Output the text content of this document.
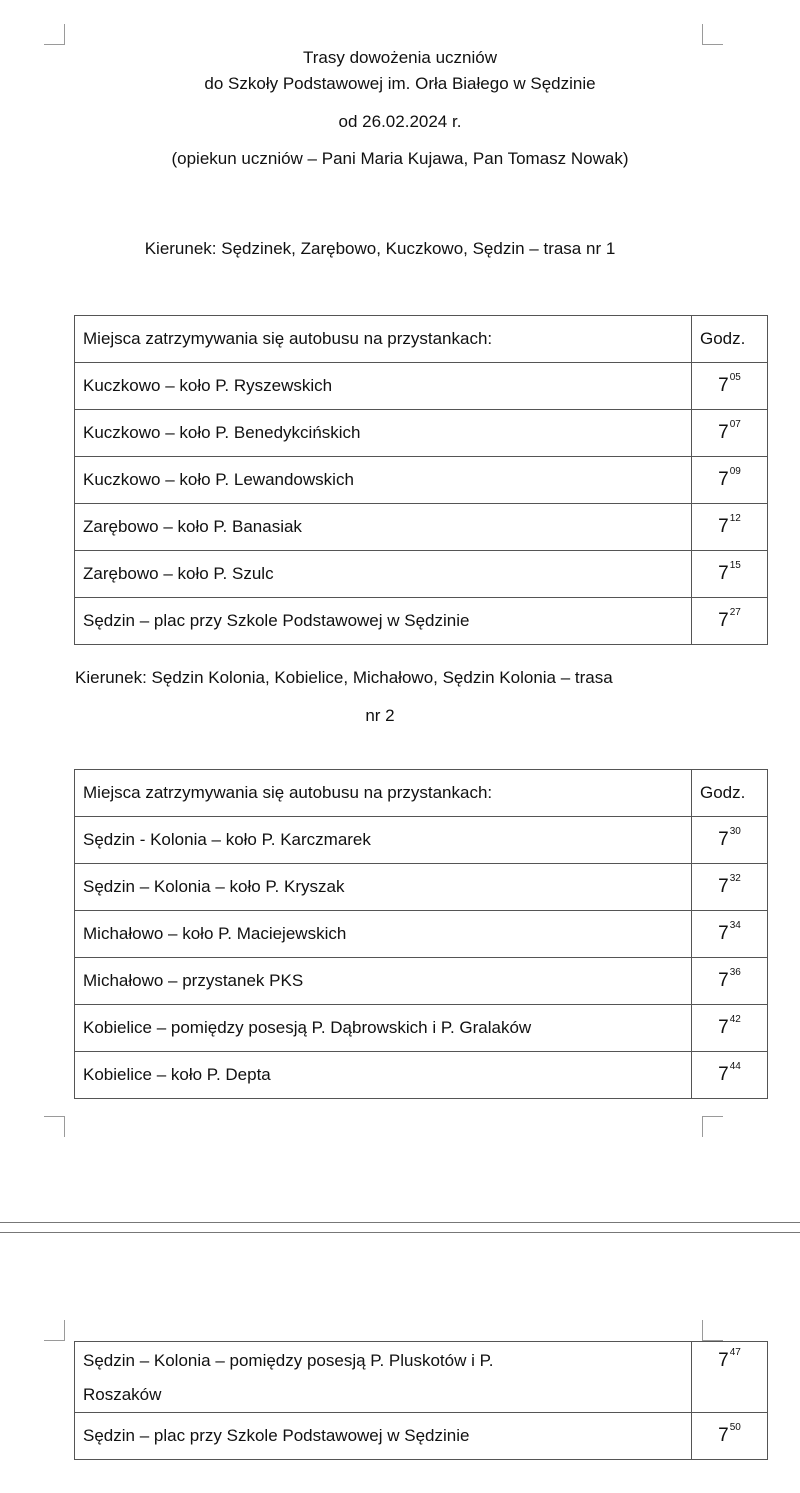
Trasy dowożenia uczniów
do Szkoły Podstawowej im. Orła Białego w Sędzinie
od 26.02.2024 r.
(opiekun uczniów – Pani Maria Kujawa, Pan Tomasz Nowak)
Kierunek: Sędzinek, Zarębowo, Kuczkowo, Sędzin – trasa nr 1
Miejsca zatrzymywania się autobusu na przystankach:	Godz.
Kuczkowo – koło P. Ryszewskich	$7^{05}$
Kuczkowo – koło P. Benedykcińskich	$7^{07}$
Kuczkowo – koło P. Lewandowskich	$7^{09}$
Zarębowo – koło P. Banasiak	$7^{12}$
Zarębowo – koło P. Szulc	$7^{15}$
Sędzin – plac przy Szkole Podstawowej w Sędzinie	$7^{27}$
Kierunek: Sędzin Kolonia, Kobielice, Michałowo, Sędzin Kolonia – trasa
nr 2
Miejsca zatrzymywania się autobusu na przystankach:	Godz.
Sędzin - Kolonia – koło P. Karczmarek	$7^{30}$
Sędzin – Kolonia – koło P. Kryszak	$7^{32}$
Michałowo – koło P. Maciejewskich	$7^{34}$
Michałowo – przystanek PKS	$7^{36}$
Kobielice – pomiędzy posesją P. Dąbrowskich i P. Gralaków	$7^{42}$
Kobielice – koło P. Depta	$7^{44}$
Sędzin – Kolonia – pomiędzy posesją P. Pluskotów i P.
Roszaków	$7^{47}$
Sędzin – plac przy Szkole Podstawowej w Sędzinie	$7^{50}$
